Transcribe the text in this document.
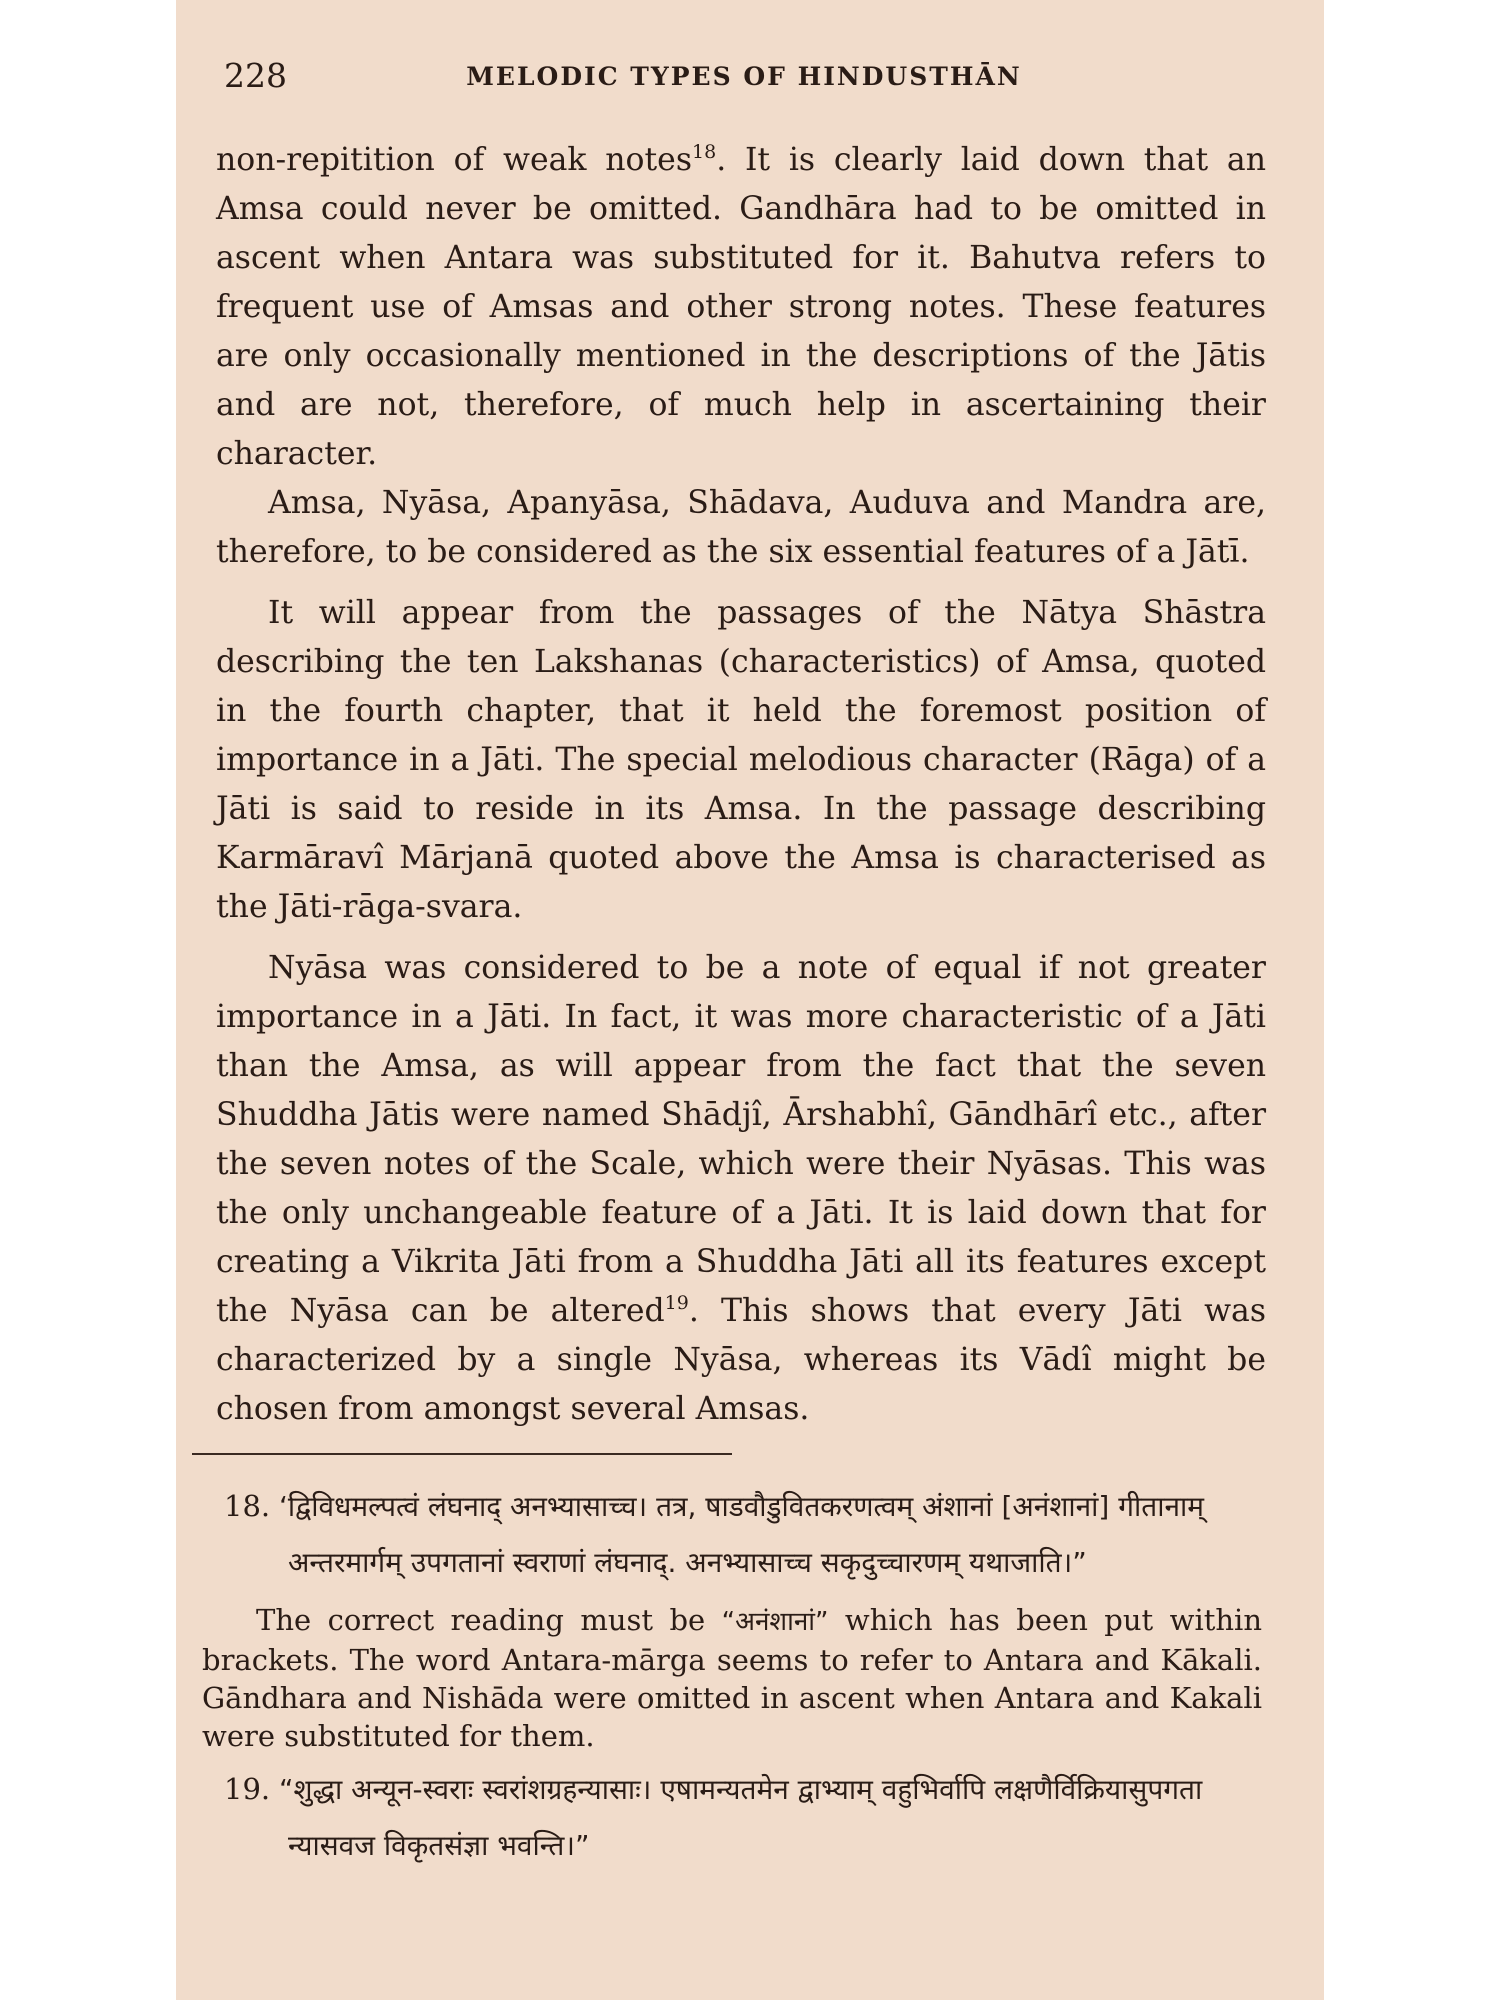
228	MELODIC TYPES OF HINDUSTHĀN

non-repitition of weak notes$^{18}$. It is clearly laid down that an Amsa could never be omitted. Gandhāra had to be omitted in ascent when Antara was substituted for it. Bahutva refers to frequent use of Amsas and other strong notes. These features are only occasionally mentioned in the descriptions of the Jātis and are not, therefore, of much help in ascertaining their character.

Amsa, Nyāsa, Apanyāsa, Shādava, Auduva and Mandra are, therefore, to be considered as the six essential features of a Jātī.

It will appear from the passages of the Nātya Shāstra describing the ten Lakshanas (characteristics) of Amsa, quoted in the fourth chapter, that it held the foremost position of importance in a Jāti. The special melodious character (Rāga) of a Jāti is said to reside in its Amsa. In the passage describing Karmāravî Mārjanā quoted above the Amsa is characterised as the Jāti-rāga-svara.

Nyāsa was considered to be a note of equal if not greater importance in a Jāti. In fact, it was more characteristic of a Jāti than the Amsa, as will appear from the fact that the seven Shuddha Jātis were named Shādjî, Ārshabhî, Gāndhārî etc., after the seven notes of the Scale, which were their Nyāsas. This was the only unchangeable feature of a Jāti. It is laid down that for creating a Vikrita Jāti from a Shuddha Jāti all its features except the Nyāsa can be altered$^{19}$. This shows that every Jāti was characterized by a single Nyāsa, whereas its Vādî might be chosen from amongst several Amsas.

18. ‘द्विविधमल्पत्वं लंघनाद् अनभ्यासाच्च। तत्र, षाडवौडुवितकरणत्वम् अंशानां [अनंशानां] गीतानाम् अन्तरमार्गम् उपगतानां स्वराणां लंघनाद्. अनभ्यासाच्च सकृदुच्चारणम् यथाजाति।”

The correct reading must be “अनंशानां” which has been put within brackets. The word Antara-mārga seems to refer to Antara and Kākali. Gāndhara and Nishāda were omitted in ascent when Antara and Kakali were substituted for them.

19. “शुद्धा अन्यून-स्वराः स्वरांशग्रहन्यासाः। एषामन्यतमेन द्वाभ्याम् वहुभिर्वापि लक्षणैर्विक्रियासुपगता न्यासवज विकृतसंज्ञा भवन्ति।”
